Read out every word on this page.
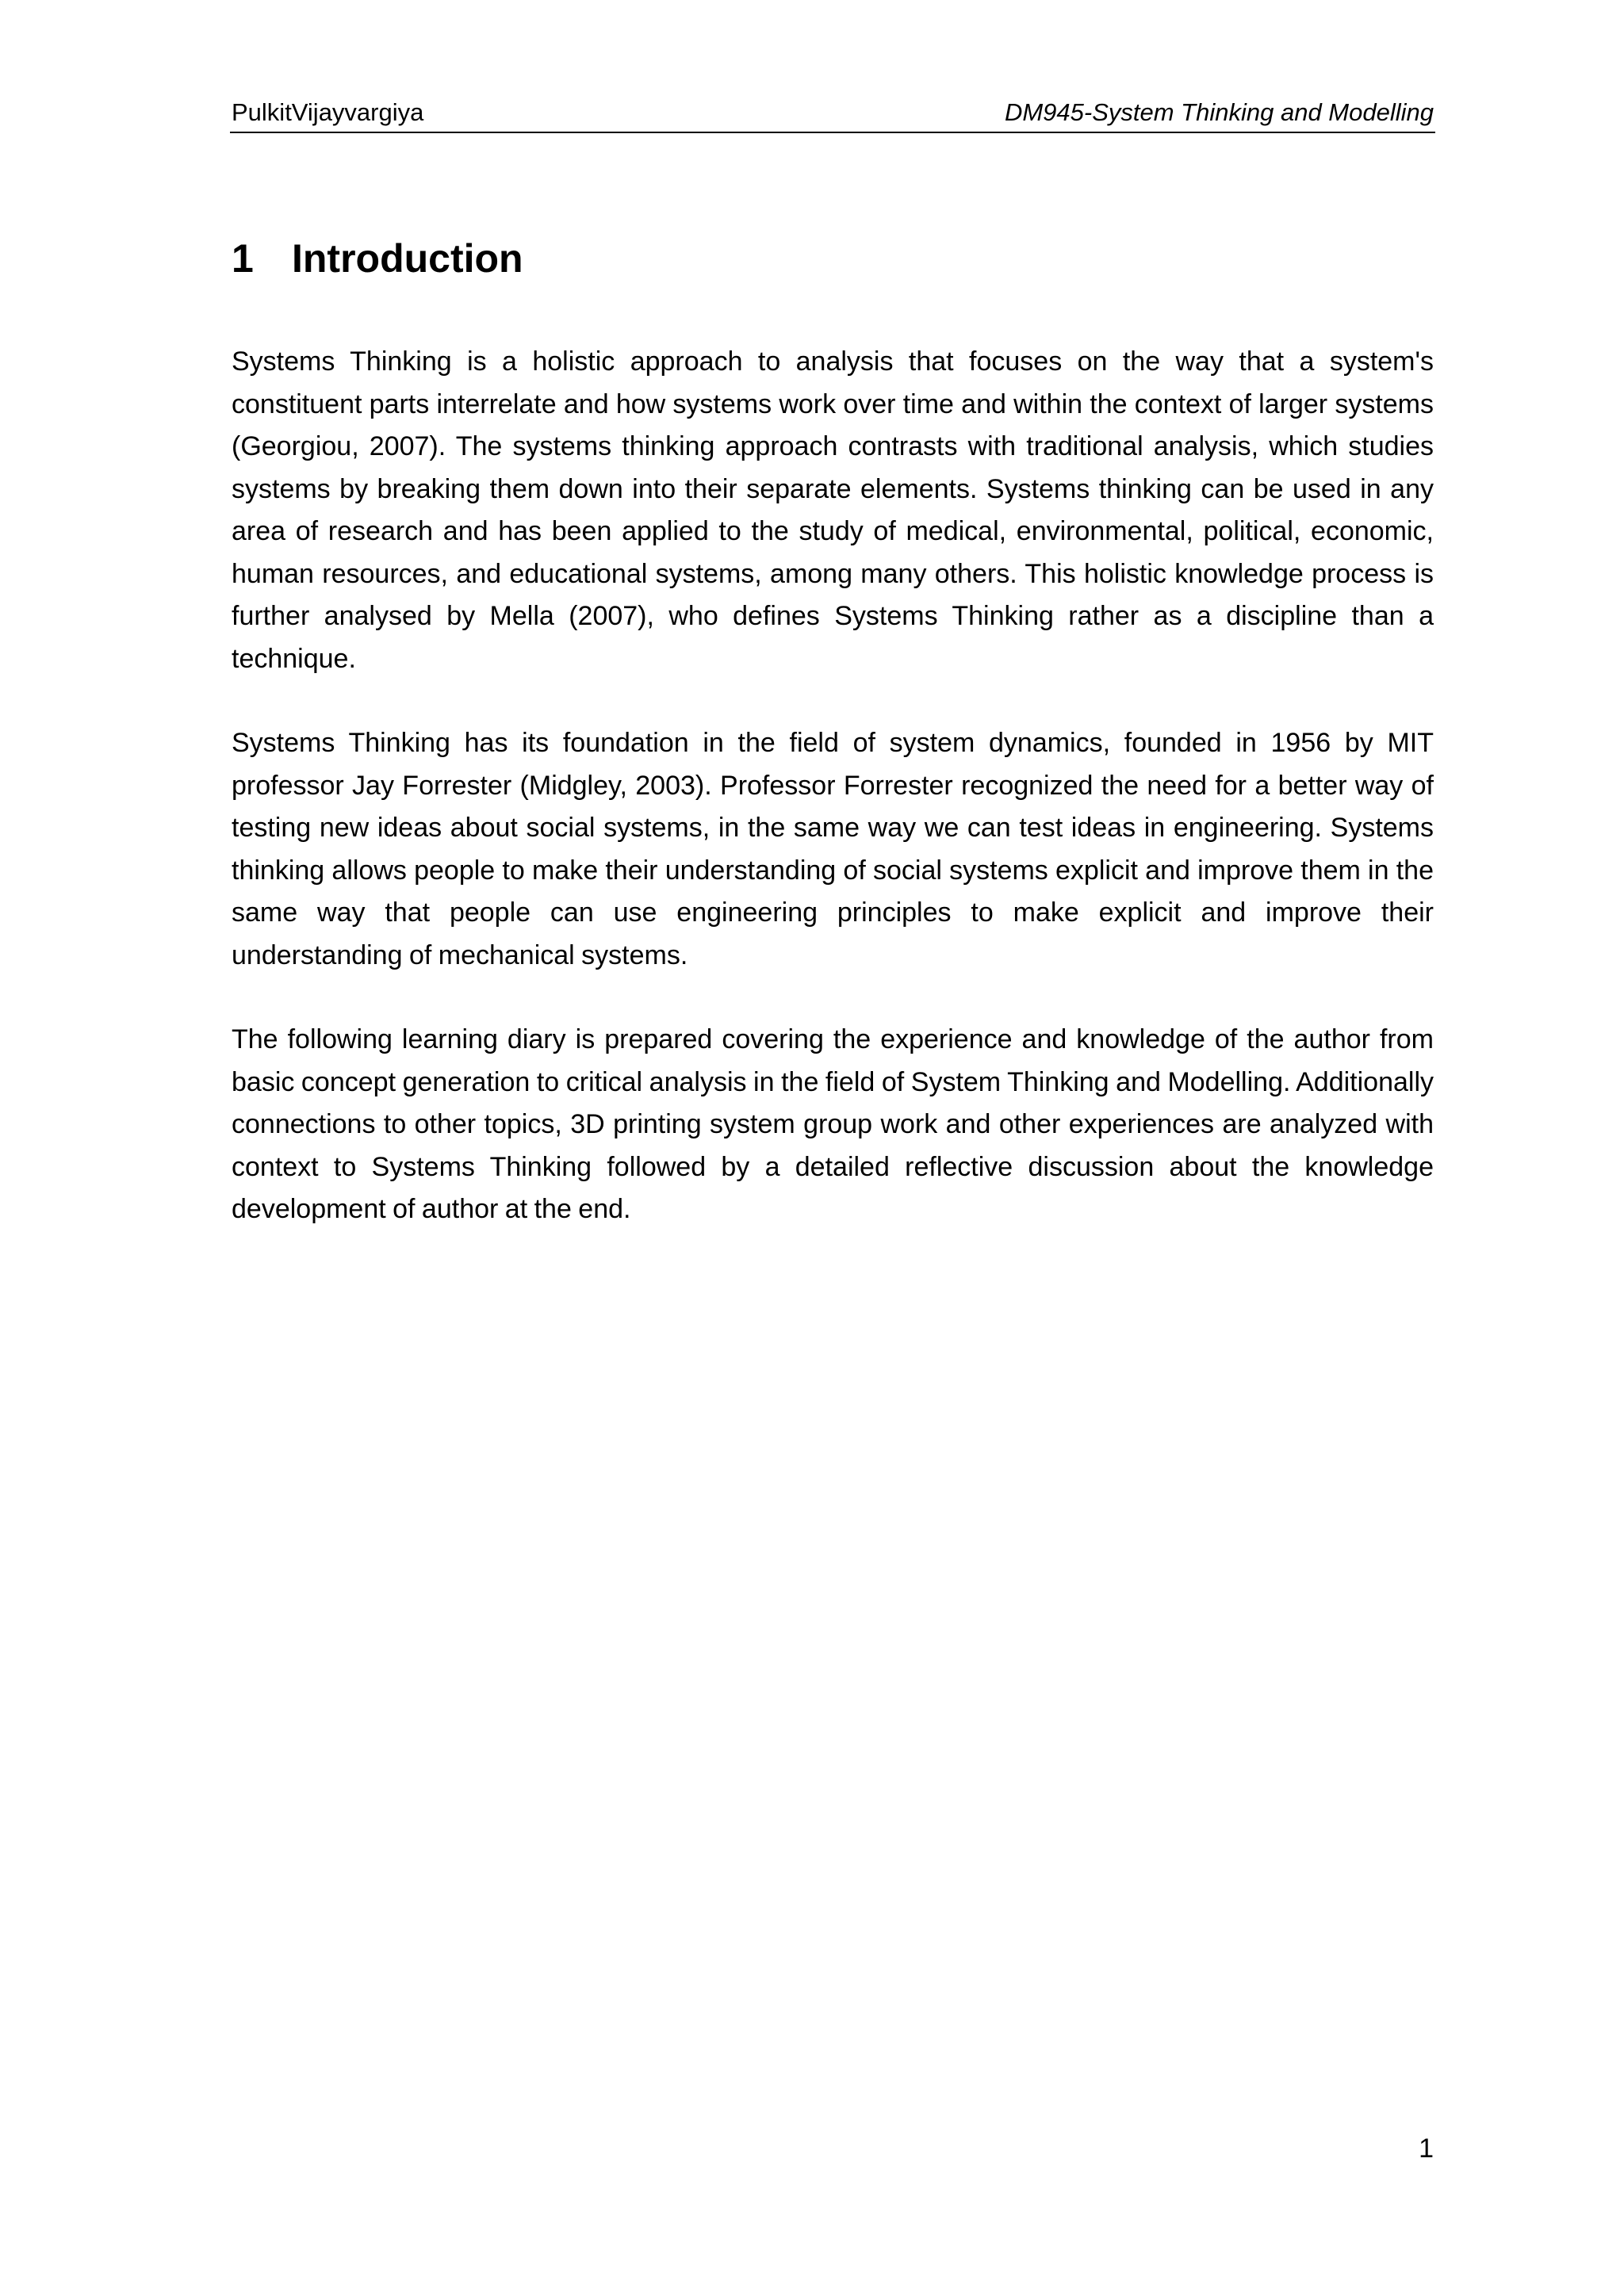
PulkitVijayvargiya	DM945-System Thinking and Modelling
1 Introduction

Systems Thinking is a holistic approach to analysis that focuses on the way that a system's constituent parts interrelate and how systems work over time and within the context of larger systems (Georgiou, 2007). The systems thinking approach contrasts with traditional analysis, which studies systems by breaking them down into their separate elements. Systems thinking can be used in any area of research and has been applied to the study of medical, environmental, political, economic, human resources, and educational systems, among many others. This holistic knowledge process is further analysed by Mella (2007), who defines Systems Thinking rather as a discipline than a technique.

Systems Thinking has its foundation in the field of system dynamics, founded in 1956 by MIT professor Jay Forrester (Midgley, 2003). Professor Forrester recognized the need for a better way of testing new ideas about social systems, in the same way we can test ideas in engineering. Systems thinking allows people to make their understanding of social systems explicit and improve them in the same way that people can use engineering principles to make explicit and improve their understanding of mechanical systems.

The following learning diary is prepared covering the experience and knowledge of the author from basic concept generation to critical analysis in the field of System Thinking and Modelling. Additionally connections to other topics, 3D printing system group work and other experiences are analyzed with context to Systems Thinking followed by a detailed reflective discussion about the knowledge development of author at the end.

1
